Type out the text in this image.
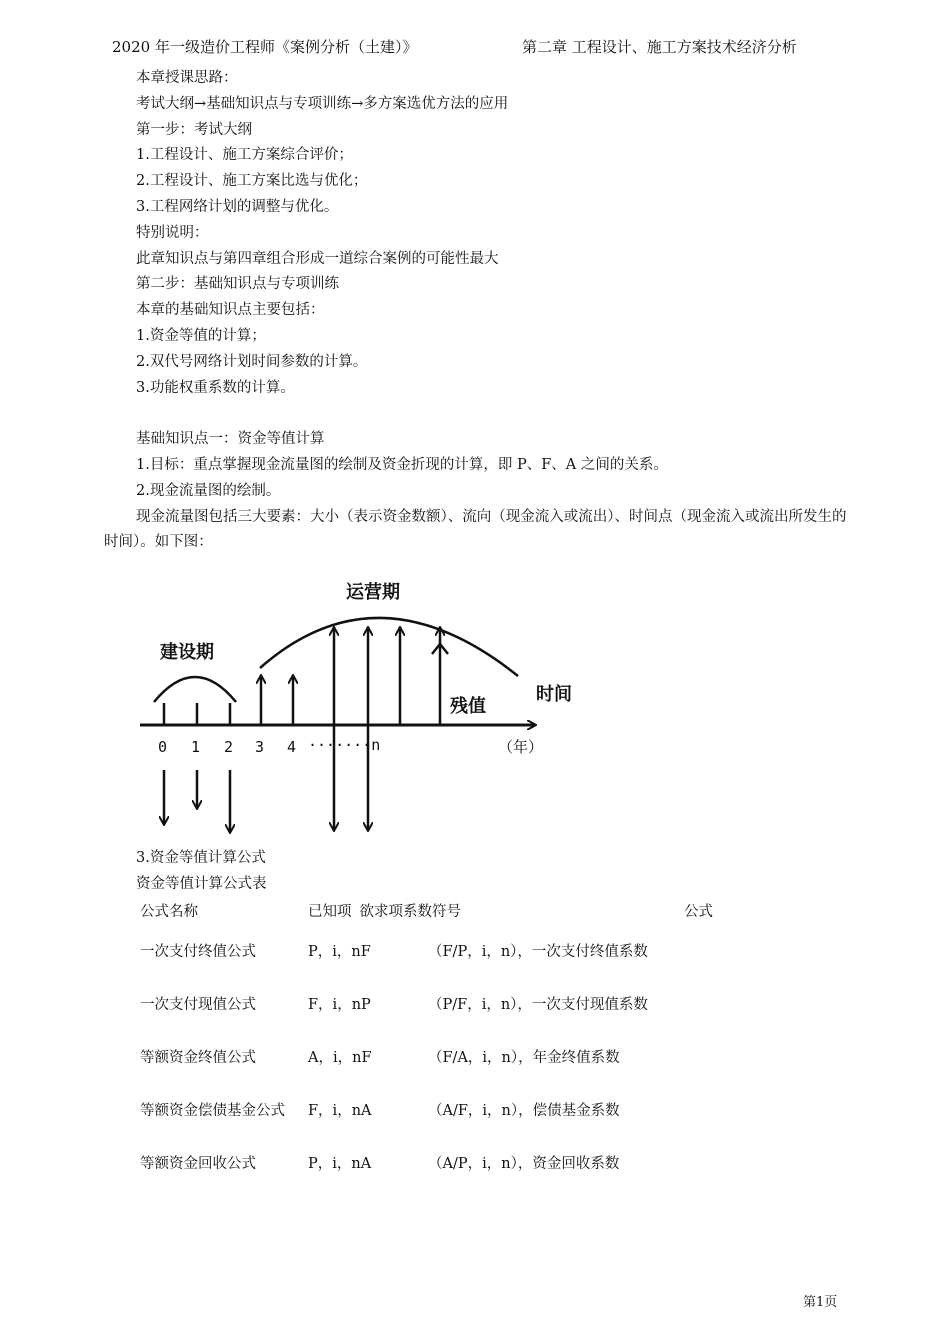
2020 年一级造价工程师《案例分析（土建）》	第二章 工程设计、施工方案技术经济分析

本章授课思路：

考试大纲→基础知识点与专项训练→多方案选优方法的应用

第一步：考试大纲

1.工程设计、施工方案综合评价；

2.工程设计、施工方案比选与优化；

3.工程网络计划的调整与优化。

特别说明：

此章知识点与第四章组合形成一道综合案例的可能性最大

第二步：基础知识点与专项训练

本章的基础知识点主要包括：

1.资金等值的计算；

2.双代号网络计划时间参数的计算。

3.功能权重系数的计算。

基础知识点一：资金等值计算

1.目标：重点掌握现金流量图的绘制及资金折现的计算，即 P、F、A 之间的关系。

2.现金流量图的绘制。

现金流量图包括三大要素：大小（表示资金数额）、流向（现金流入或流出）、时间点（现金流入或流出所发生的时间）。如下图：

运营期
建设期
残值
时间
0 1 2 3 4 ·······n	（年）

3.资金等值计算公式

资金等值计算公式表

公式名称	已知项 欲求项系数符号	公式
一次支付终值公式	P，i，nF	（F/P，i，n），一次支付终值系数
一次支付现值公式	F，i，nP	（P/F，i，n），一次支付现值系数
等额资金终值公式	A，i，nF	（F/A，i，n），年金终值系数
等额资金偿债基金公式 F，i，nA	（A/F，i，n），偿债基金系数
等额资金回收公式	P，i，nA	（A/P，i，n），资金回收系数
第1页
